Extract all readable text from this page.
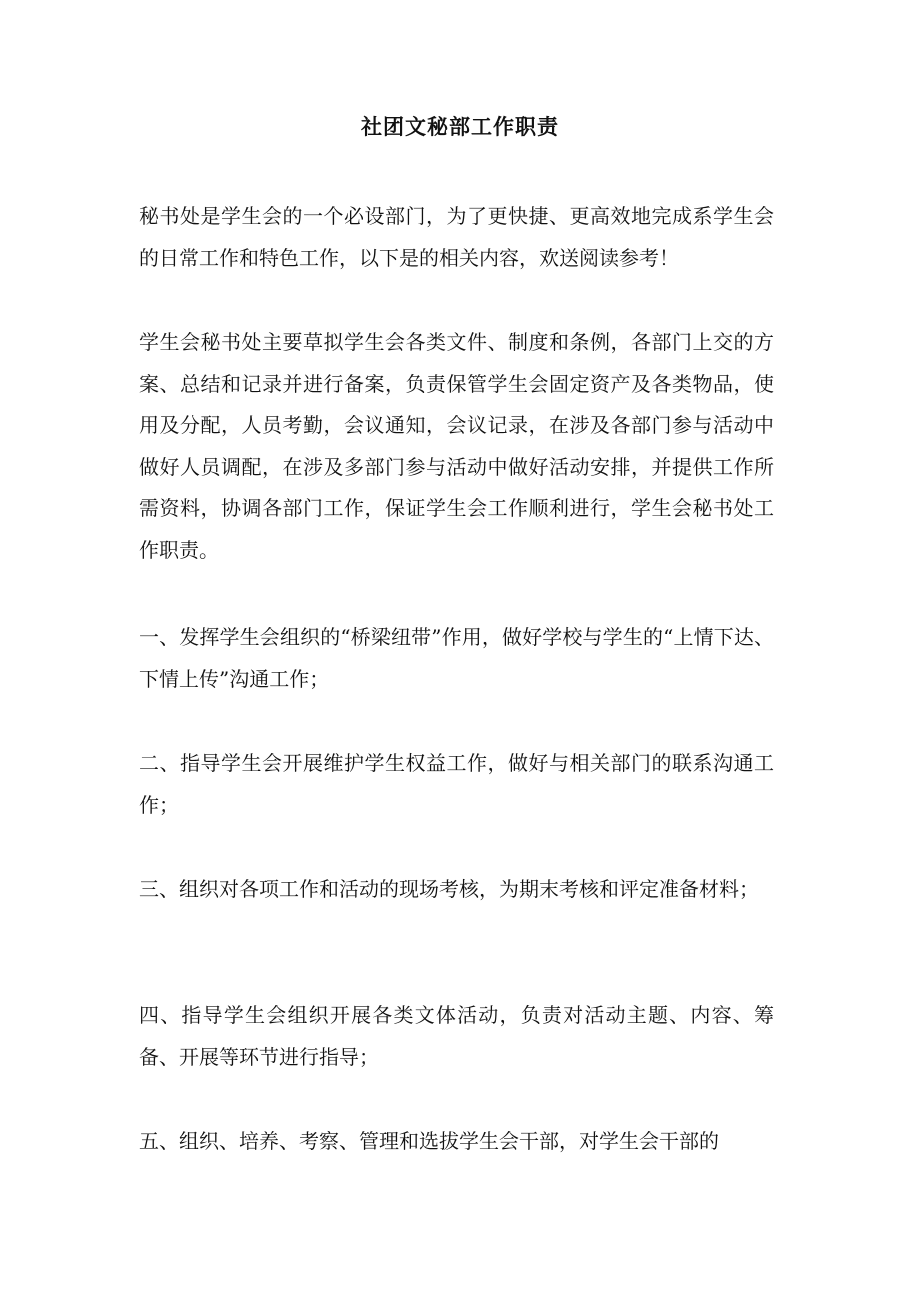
社团文秘部工作职责

秘书处是学生会的一个必设部门，为了更快捷、更高效地完成系学生会的日常工作和特色工作，以下是的相关内容，欢送阅读参考！

学生会秘书处主要草拟学生会各类文件、制度和条例，各部门上交的方案、总结和记录并进行备案，负责保管学生会固定资产及各类物品，使用及分配，人员考勤，会议通知，会议记录，在涉及各部门参与活动中做好人员调配，在涉及多部门参与活动中做好活动安排，并提供工作所需资料，协调各部门工作，保证学生会工作顺利进行，学生会秘书处工作职责。

一、发挥学生会组织的“桥梁纽带”作用，做好学校与学生的“上情下达、下情上传”沟通工作；

二、指导学生会开展维护学生权益工作，做好与相关部门的联系沟通工作；

三、组织对各项工作和活动的现场考核，为期末考核和评定准备材料；

四、指导学生会组织开展各类文体活动，负责对活动主题、内容、筹备、开展等环节进行指导；

五、组织、培养、考察、管理和选拔学生会干部，对学生会干部的
